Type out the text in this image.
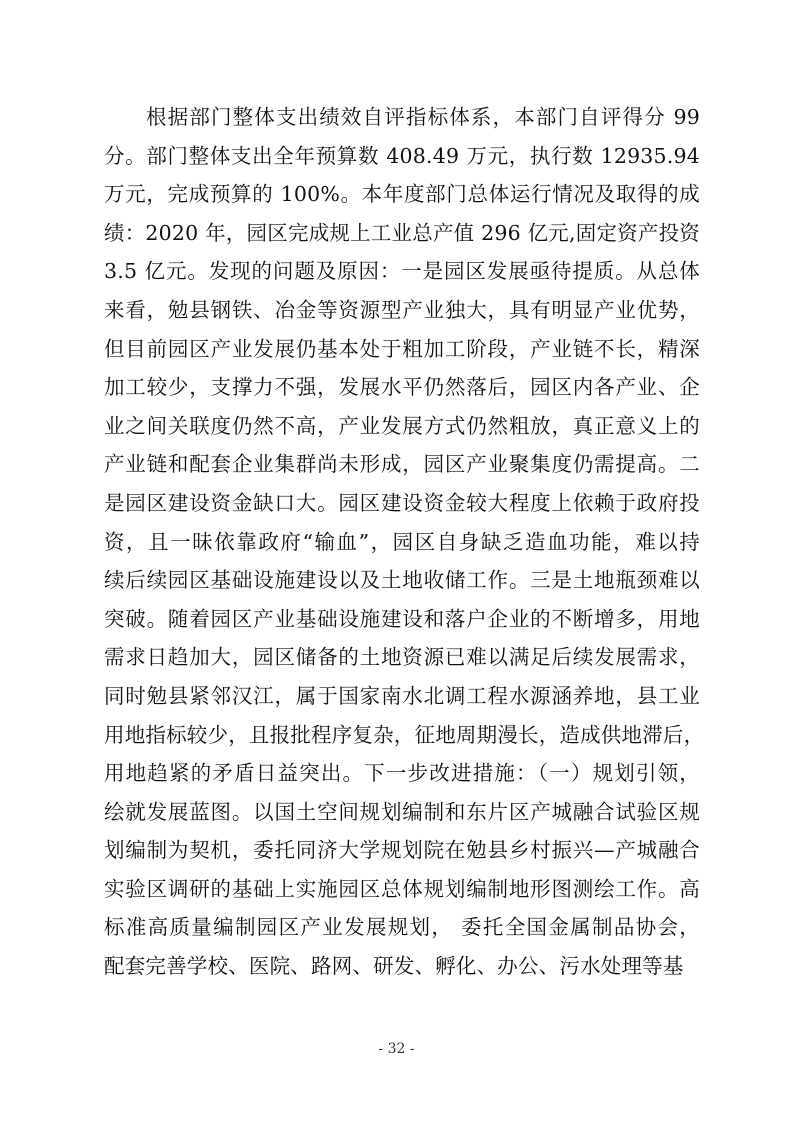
根据部门整体支出绩效自评指标体系，本部门自评得分 99
分。部门整体支出全年预算数 408.49 万元，执行数 12935.94
万元，完成预算的 100%。本年度部门总体运行情况及取得的成
绩：2020 年，园区完成规上工业总产值 296 亿元,固定资产投资
3.5 亿元。发现的问题及原因：一是园区发展亟待提质。从总体
来看，勉县钢铁、冶金等资源型产业独大，具有明显产业优势，
但目前园区产业发展仍基本处于粗加工阶段，产业链不长，精深
加工较少，支撑力不强，发展水平仍然落后，园区内各产业、企
业之间关联度仍然不高，产业发展方式仍然粗放，真正意义上的
产业链和配套企业集群尚未形成，园区产业聚集度仍需提高。二
是园区建设资金缺口大。园区建设资金较大程度上依赖于政府投
资，且一昧依靠政府“输血”，园区自身缺乏造血功能，难以持
续后续园区基础设施建设以及土地收储工作。三是土地瓶颈难以
突破。随着园区产业基础设施建设和落户企业的不断增多，用地
需求日趋加大，园区储备的土地资源已难以满足后续发展需求，
同时勉县紧邻汉江，属于国家南水北调工程水源涵养地，县工业
用地指标较少，且报批程序复杂，征地周期漫长，造成供地滞后，
用地趋紧的矛盾日益突出。下一步改进措施：（一）规划引领，
绘就发展蓝图。以国土空间规划编制和东片区产城融合试验区规
划编制为契机，委托同济大学规划院在勉县乡村振兴—产城融合
实验区调研的基础上实施园区总体规划编制地形图测绘工作。高
标准高质量编制园区产业发展规划， 委托全国金属制品协会，
配套完善学校、医院、路网、研发、孵化、办公、污水处理等基
- 32 -
